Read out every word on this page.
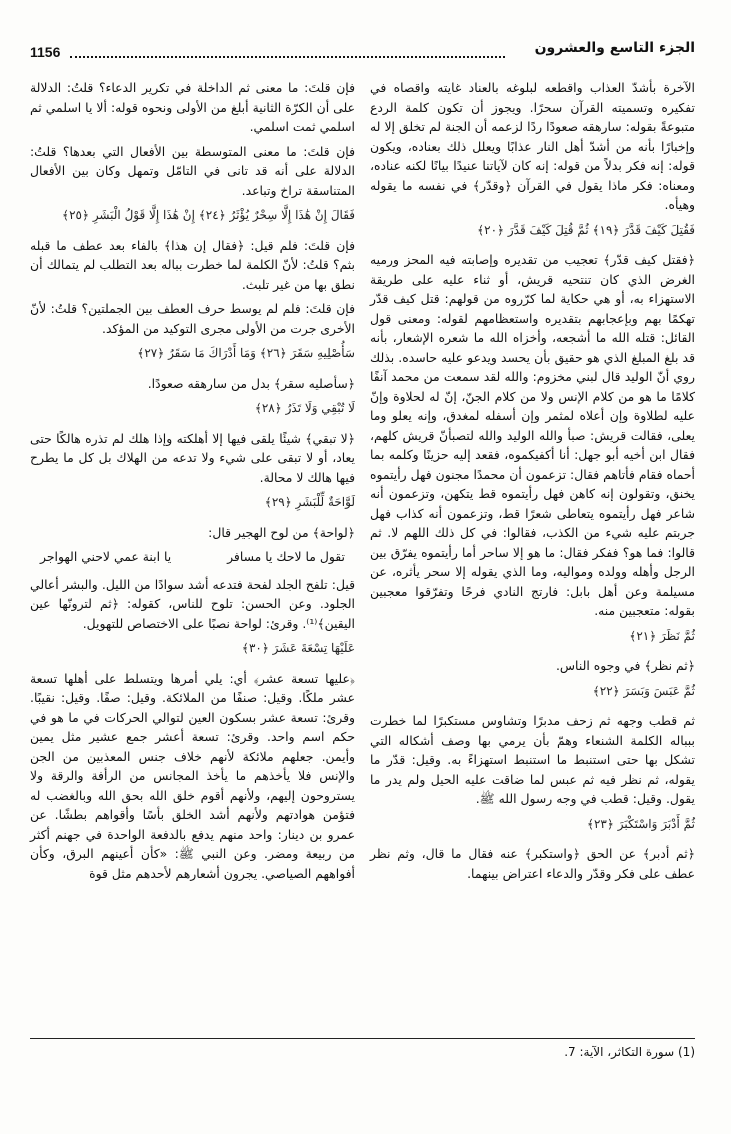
1156	الجزء التاسع والعشرون

الآخرة بأشدّ العذاب واقطعه لبلوغه بالعناد غايته واقصاه في تفكيره وتسميته القرآن سحرًا. ويجوز أن تكون كلمة الردع متبوعةً بقوله: سارهقه صعودًا ردًا لزعمه أن الجنة لم تخلق إلا له وإخبارًا بأنه من أشدّ أهل النار عذابًا ويعلل ذلك بعناده، ويكون قوله: إنه فكر بدلاً من قوله: إنه كان لآياتنا عنيدًا بيانًا لكنه عناده، ومعناه: فكر ماذا يقول في القرآن ﴿وقدّر﴾ في نفسه ما يقوله وهيأه.

فَقُتِلَ كَيْفَ قَدَّرَ ﴿١٩﴾ ثُمَّ قُتِلَ كَيْفَ قَدَّرَ ﴿٢٠﴾

﴿فقتل كيف قدّر﴾ تعجيب من تقديره وإصابته فيه المحز ورميه الغرض الذي كان تنتحيه قريش، أو ثناء عليه على طريقة الاستهزاء به، أو هي حكاية لما كرّروه من قولهم: قتل كيف قدّر تهكمًا بهم وبإعجابهم بتقديره واستعظامهم لقوله: ومعنى قول القائل: قتله الله ما أشجعه، وأخزاه الله ما شعره الإشعار، بأنه قد بلغ المبلغ الذي هو حقيق بأن يحسد ويدعو عليه حاسده. بذلك روي أنّ الوليد قال لبني مخزوم: والله لقد سمعت من محمد آنفًا كلامًا ما هو من كلام الإنس ولا من كلام الجنّ، إنّ له لحلاوة وإنّ عليه لطلاوة وإن أعلاه لمثمر وإن أسفله لمغدق، وإنه يعلو وما يعلى، فقالت قريش: صبأ والله الوليد والله لتصبأنّ قريش كلهم، فقال ابن أخيه أبو جهل: أنا أكفيكموه، فقعد إليه حزينًا وكلمه بما أحماه فقام فأتاهم فقال: تزعمون أن محمدًا مجنون فهل رأيتموه يخنق، وتقولون إنه كاهن فهل رأيتموه قط يتكهن، وتزعمون أنه شاعر فهل رأيتموه يتعاطى شعرًا قط، وتزعمون أنه كذاب فهل جربتم عليه شيء من الكذب، فقالوا: في كل ذلك اللهم لا. ثم قالوا: فما هو؟ ففكر فقال: ما هو إلا ساحر أما رأيتموه يفرّق بين الرجل وأهله وولده ومواليه، وما الذي يقوله إلا سحر يأثره، عن مسيلمة وعن أهل بابل: فارتج النادي فرحًا وتفرّقوا معجبين بقوله: متعجبين منه.

ثُمَّ نَظَرَ ﴿٢١﴾

﴿ثم نظر﴾ في وجوه الناس.

ثُمَّ عَبَسَ وَبَسَرَ ﴿٢٢﴾

ثم قطب وجهه ثم زحف مدبرًا وتشاوس مستكبرًا لما خطرت ببباله الكلمة الشنعاء وهمّ بأن يرمي بها وصف أشكاله التي تشكل بها حتى استنبط ما استنبط استهزاءً به. وقيل: قدّر ما يقوله، ثم نظر فيه ثم عبس لما ضاقت عليه الحيل ولم يدر ما يقول. وقيل: قطب في وجه رسول الله ﷺ.

ثُمَّ أَدْبَرَ وَاسْتَكْبَرَ ﴿٢٣﴾

﴿ثم أدبر﴾ عن الحق ﴿واستكبر﴾ عنه فقال ما قال، وثم نظر عطف على فكر وقدّر والدعاء اعتراض بينهما.

فإن قلتَ: ما معنى ثم الداخلة في تكرير الدعاء؟ قلتُ: الدلالة على أن الكرّة الثانية أبلغ من الأولى ونحوه قوله: ألا يا اسلمي ثم اسلمي ثمت اسلمي.

فإن قلتَ: ما معنى المتوسطة بين الأفعال التي بعدها؟ قلتُ: الدلالة على أنه قد تانى في التامّل وتمهل وكان بين الأفعال المتناسقة تراخ وتباعد.

فَقَالَ إِنْ هَٰذَا إِلَّا سِحْرٌ يُؤْثَرُ ﴿٢٤﴾ إِنْ هَٰذَا إِلَّا قَوْلُ الْبَشَرِ ﴿٢٥﴾

فإن قلتَ: فلم قيل: ﴿فقال إن هذا﴾ بالفاء بعد عطف ما قبله بثم؟ قلتُ: لأنّ الكلمة لما خطرت بباله بعد التطلب لم يتمالك أن نطق بها من غير تلبث.

فإن قلتَ: فلم لم يوسط حرف العطف بين الجملتين؟ قلتُ: لأنّ الأخرى جرت من الأولى مجرى التوكيد من المؤكد.

سَأُصْلِيهِ سَقَرَ ﴿٢٦﴾ وَمَا أَدْرَاكَ مَا سَقَرُ ﴿٢٧﴾

﴿سأصليه سقر﴾ بدل من سارهقه صعودًا.

لَا تُبْقِي وَلَا تَذَرُ ﴿٢٨﴾

﴿لا تبقي﴾ شيئًا يلقى فيها إلا أهلكته وإذا هلك لم تذره هالكًا حتى يعاد، أو لا تبقى على شيء ولا تدعه من الهلاك بل كل ما يطرح فيها هالك لا محالة.

لَوَّاحَةٌ لِّلْبَشَرِ ﴿٢٩﴾

﴿لواحة﴾ من لوح الهجير قال:

تقول ما لاحك يا مسافر
يا ابنة عمي لاحني الهواجر

قيل: تلفح الجلد لفحة فتدعه أشد سوادًا من الليل. والبشر أعالي الجلود. وعن الحسن: تلوح للناس، كقوله: ﴿ثم لترونّها عين اليقين﴾⁽¹⁾. وقرئ: لواحة نصبًا على الاختصاص للتهويل.

عَلَيْهَا تِسْعَةَ عَشَرَ ﴿٣٠﴾

﴿عليها تسعة عشر﴾ أي: يلي أمرها ويتسلط على أهلها تسعة عشر ملكًا. وقيل: صنفًا من الملائكة. وقيل: صفًا. وقيل: نقيبًا. وقرئ: تسعة عشر بسكون العين لتوالي الحركات في ما هو في حكم اسم واحد. وقرئ: تسعة أعشر جمع عشير مثل يمين وأيمن. جعلهم ملائكة لأنهم خلاف جنس المعذبين من الجن والإنس فلا يأخذهم ما يأخذ المجانس من الرأفة والرقة ولا يستروحون إليهم، ولأنهم أقوم خلق الله بحق الله وبالغضب له فتؤمن هوادتهم ولأنهم أشد الخلق بأسًا وأقواهم بطشًا. عن عمرو بن دينار: واحد منهم يدفع بالدفعة الواحدة في جهنم أكثر من ربيعة ومضر. وعن النبي ﷺ: «كأن أعينهم البرق، وكأن أفواههم الصياصي. يجرون أشعارهم لأحدهم مثل قوة

(1) سورة التكاثر، الآية: 7.
